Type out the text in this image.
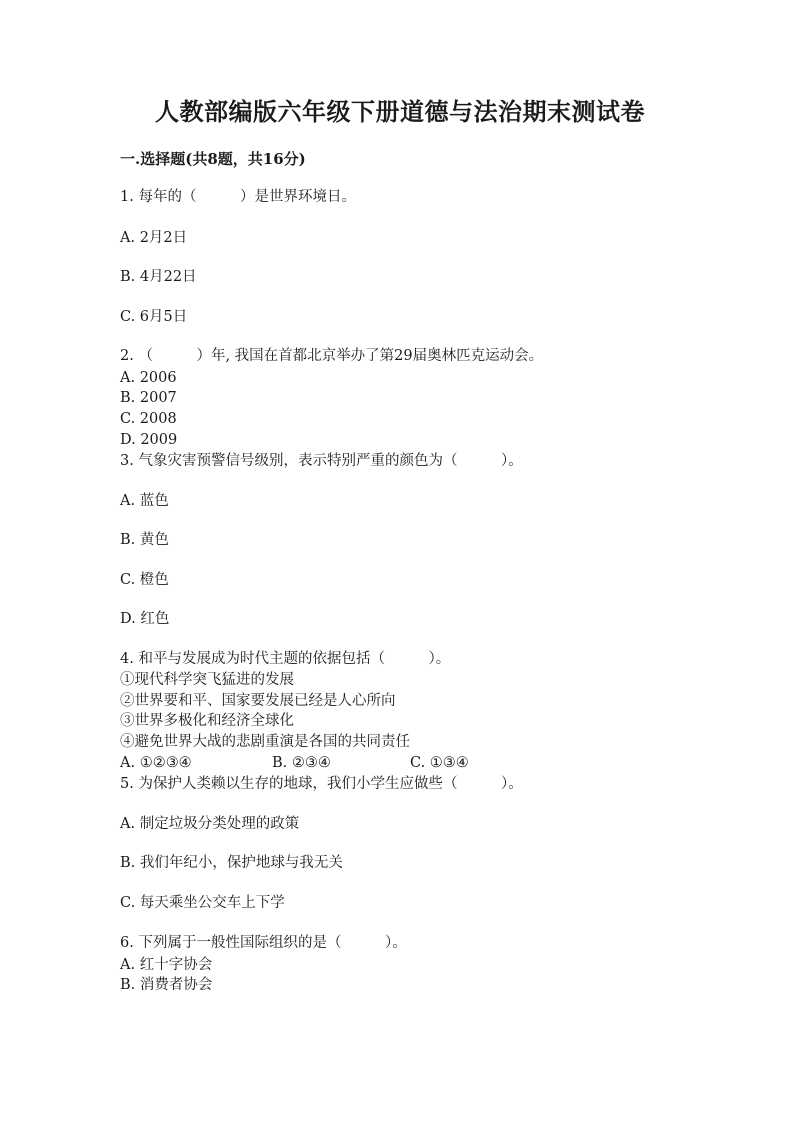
人教部编版六年级下册道德与法治期末测试卷
一.选择题(共8题，共16分)
1. 每年的（　　　）是世界环境日。
A. 2月2日
B. 4月22日
C. 6月5日
2. （　　　）年, 我国在首都北京举办了第29届奥林匹克运动会。
A. 2006
B. 2007
C. 2008
D. 2009
3. 气象灾害预警信号级别，表示特别严重的颜色为（　　　）。
A. 蓝色
B. 黄色
C. 橙色
D. 红色
4. 和平与发展成为时代主题的依据包括（　　　）。
①现代科学突飞猛进的发展
②世界要和平、国家要发展已经是人心所向
③世界多极化和经济全球化
④避免世界大战的悲剧重演是各国的共同责任

A. ①②③④

	B. ②③④

	C. ①③④

5. 为保护人类赖以生存的地球，我们小学生应做些（　　　）。
A. 制定垃圾分类处理的政策
B. 我们年纪小，保护地球与我无关
C. 每天乘坐公交车上下学
6. 下列属于一般性国际组织的是（　　　）。
A. 红十字协会
B. 消费者协会
